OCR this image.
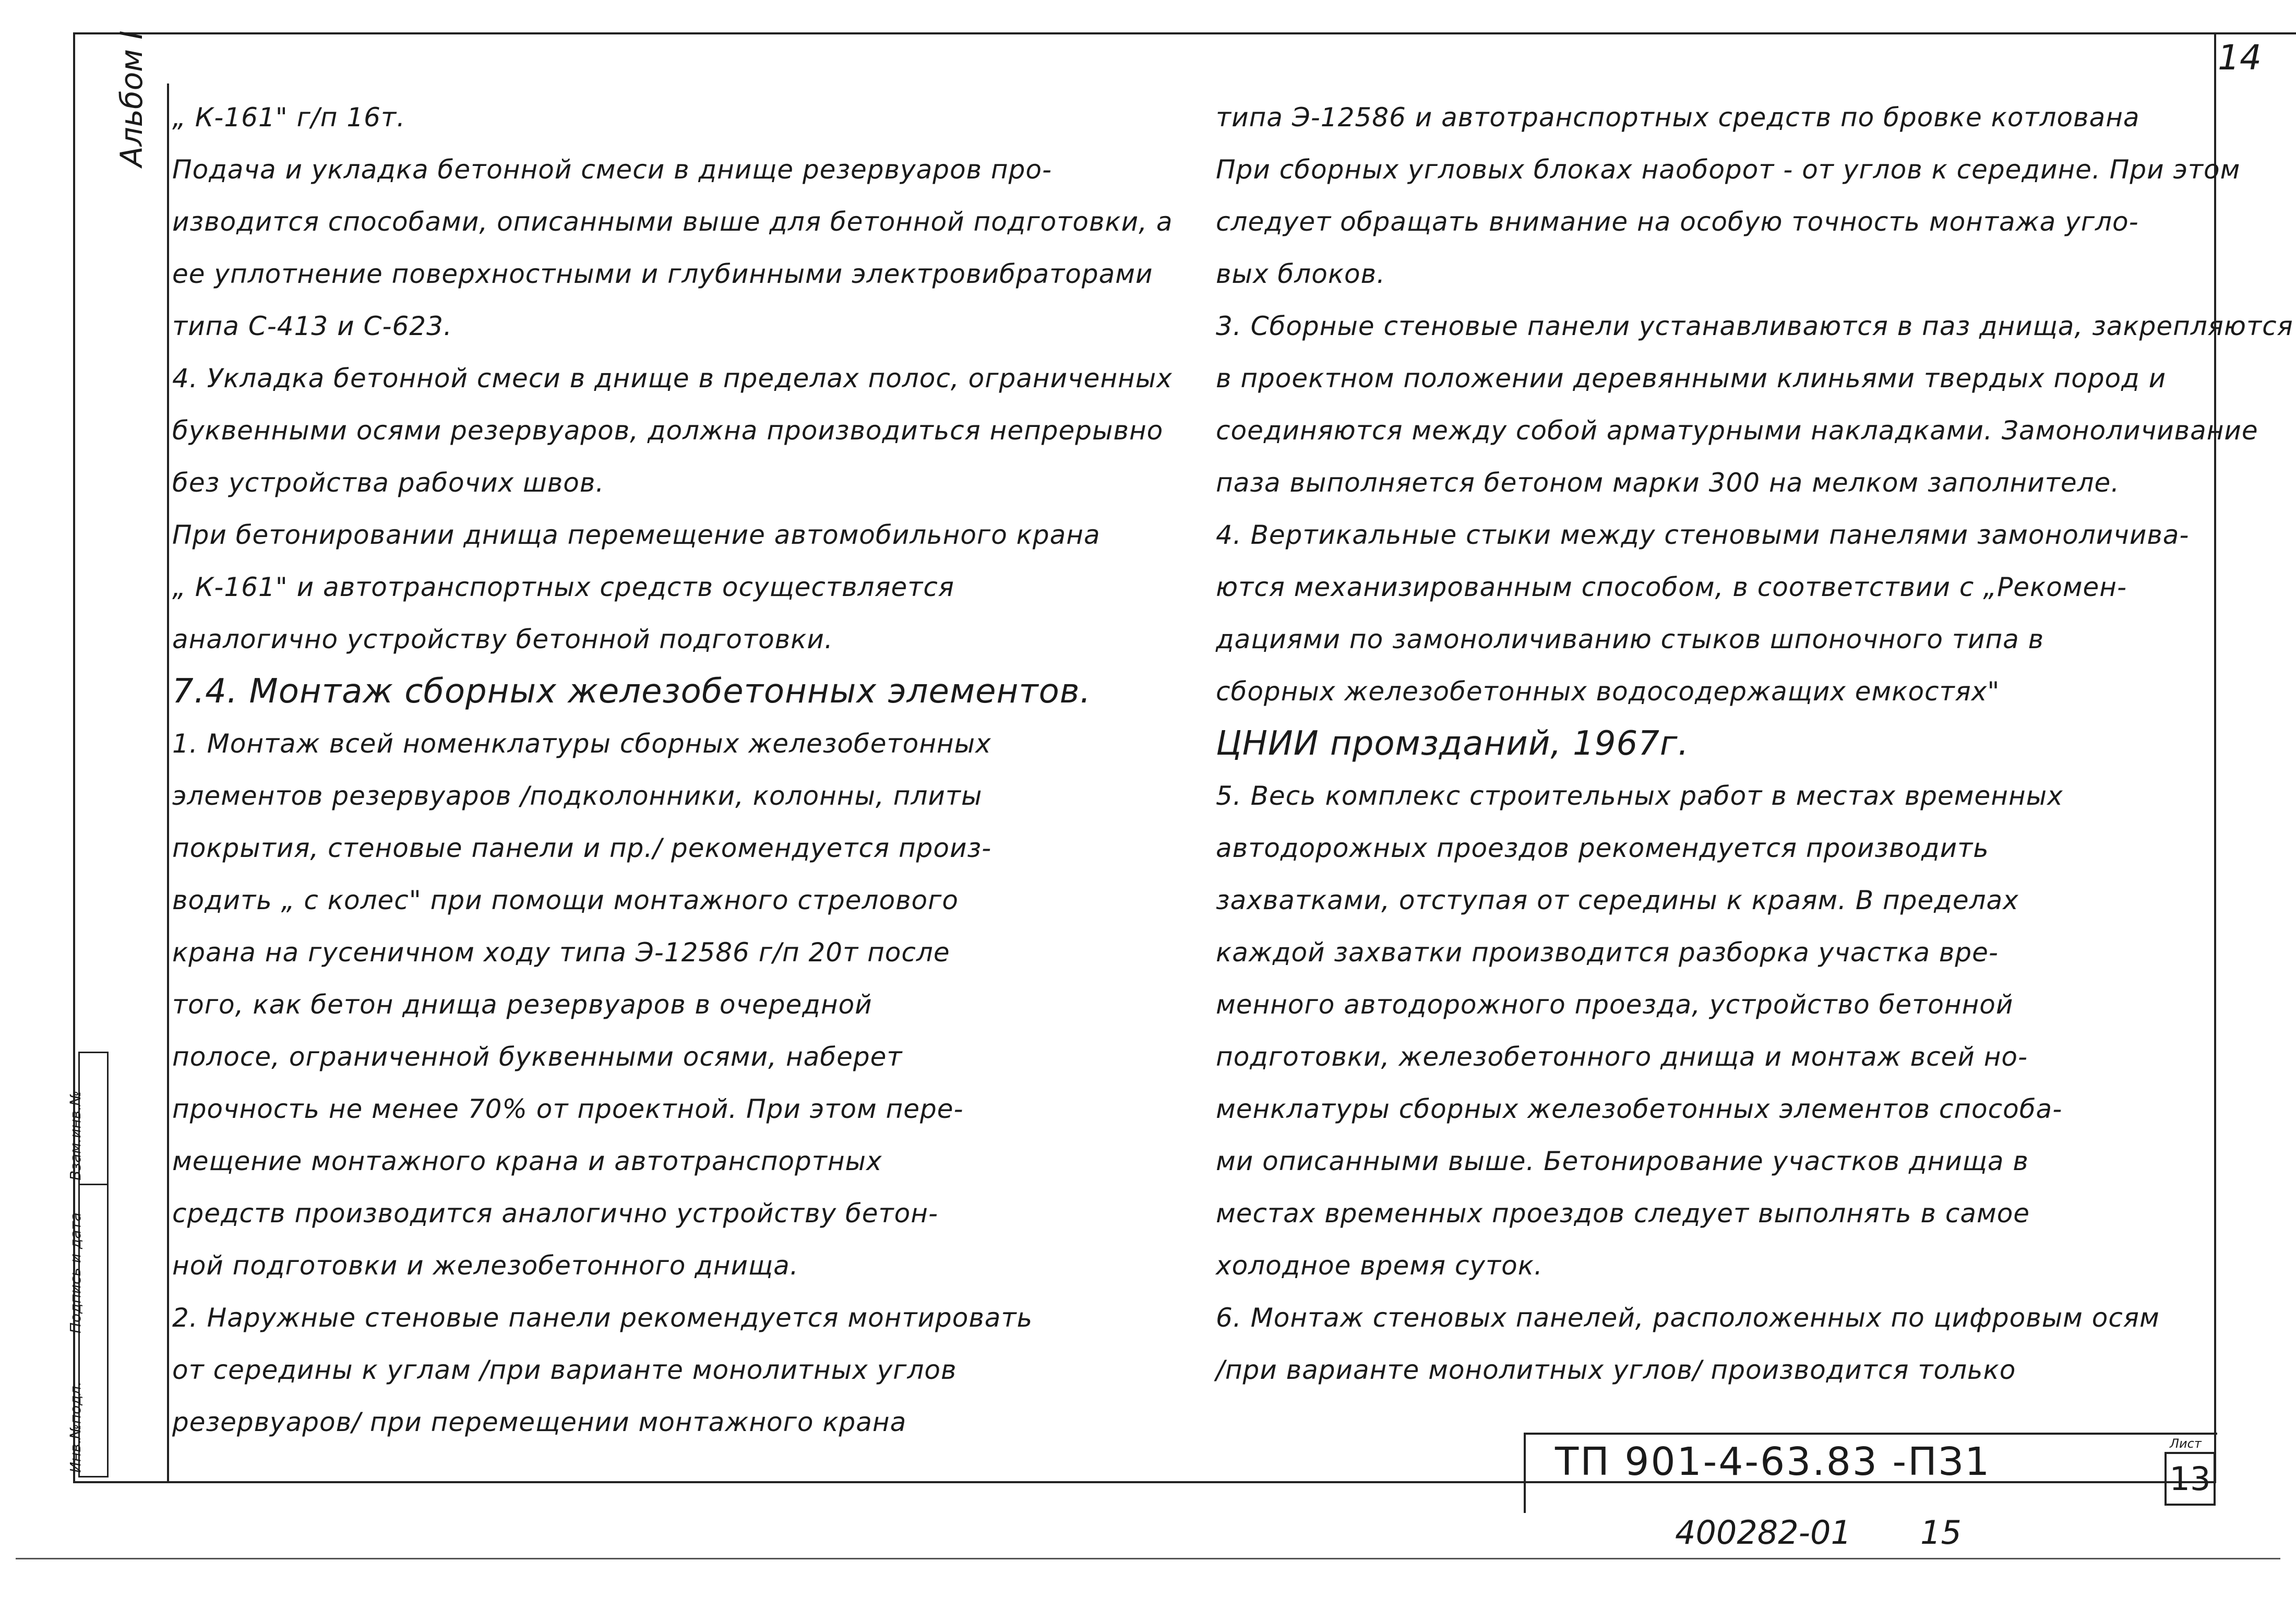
14
Альбом I
Инв.№подл.
Подпись и дата
Взам.инв.№
„ К-161" г/п 16т.
Подача и укладка бетонной смеси в днище резервуаров про-
изводится способами, описанными выше для бетонной подготовки, а
ее уплотнение поверхностными и глубинными электровибраторами
типа С-413 и С-623.
4. Укладка бетонной смеси в днище в пределах полос, ограниченных
буквенными осями резервуаров, должна производиться непрерывно
без устройства рабочих швов.
При бетонировании днища перемещение автомобильного крана
„ К-161" и автотранспортных средств осуществляется
аналогично устройству бетонной подготовки.
7.4. Монтаж сборных железобетонных элементов.
1. Монтаж всей номенклатуры сборных железобетонных
элементов резервуаров /подколонники, колонны, плиты
покрытия, стеновые панели и пр./ рекомендуется произ-
водить „ с колес" при помощи монтажного стрелового
крана на гусеничном ходу типа Э-12586 г/п 20т после
того, как бетон днища резервуаров в очередной
полосе, ограниченной буквенными осями, наберет
прочность не менее 70% от проектной. При этом пере-
мещение монтажного крана и автотранспортных
средств производится аналогично устройству бетон-
ной подготовки и железобетонного днища.
2. Наружные стеновые панели рекомендуется монтировать
от середины к углам /при варианте монолитных углов
резервуаров/ при перемещении монтажного крана
типа Э-12586 и автотранспортных средств по бровке котлована
При сборных угловых блоках наоборот - от углов к середине. При этом
следует обращать внимание на особую точность монтажа угло-
вых блоков.
3. Сборные стеновые панели устанавливаются в паз днища, закрепляются
в проектном положении деревянными клиньями твердых пород и
соединяются между собой арматурными накладками. Замоноличивание
паза выполняется бетоном марки 300 на мелком заполнителе.
4. Вертикальные стыки между стеновыми панелями замоноличива-
ются механизированным способом, в соответствии с „Рекомен-
дациями по замоноличиванию стыков шпоночного типа в
сборных железобетонных водосодержащих емкостях"
ЦНИИ промзданий, 1967г.
5. Весь комплекс строительных работ в местах временных
автодорожных проездов рекомендуется производить
захватками, отступая от середины к краям. В пределах
каждой захватки производится разборка участка вре-
менного автодорожного проезда, устройство бетонной
подготовки, железобетонного днища и монтаж всей но-
менклатуры сборных железобетонных элементов способа-
ми описанными выше. Бетонирование участков днища в
местах временных проездов следует выполнять в самое
холодное время суток.
6. Монтаж стеновых панелей, расположенных по цифровым осям
/при варианте монолитных углов/ производится только
ТП 901-4-63.83 -ПЗ1	Лист
13
400282-01 15
